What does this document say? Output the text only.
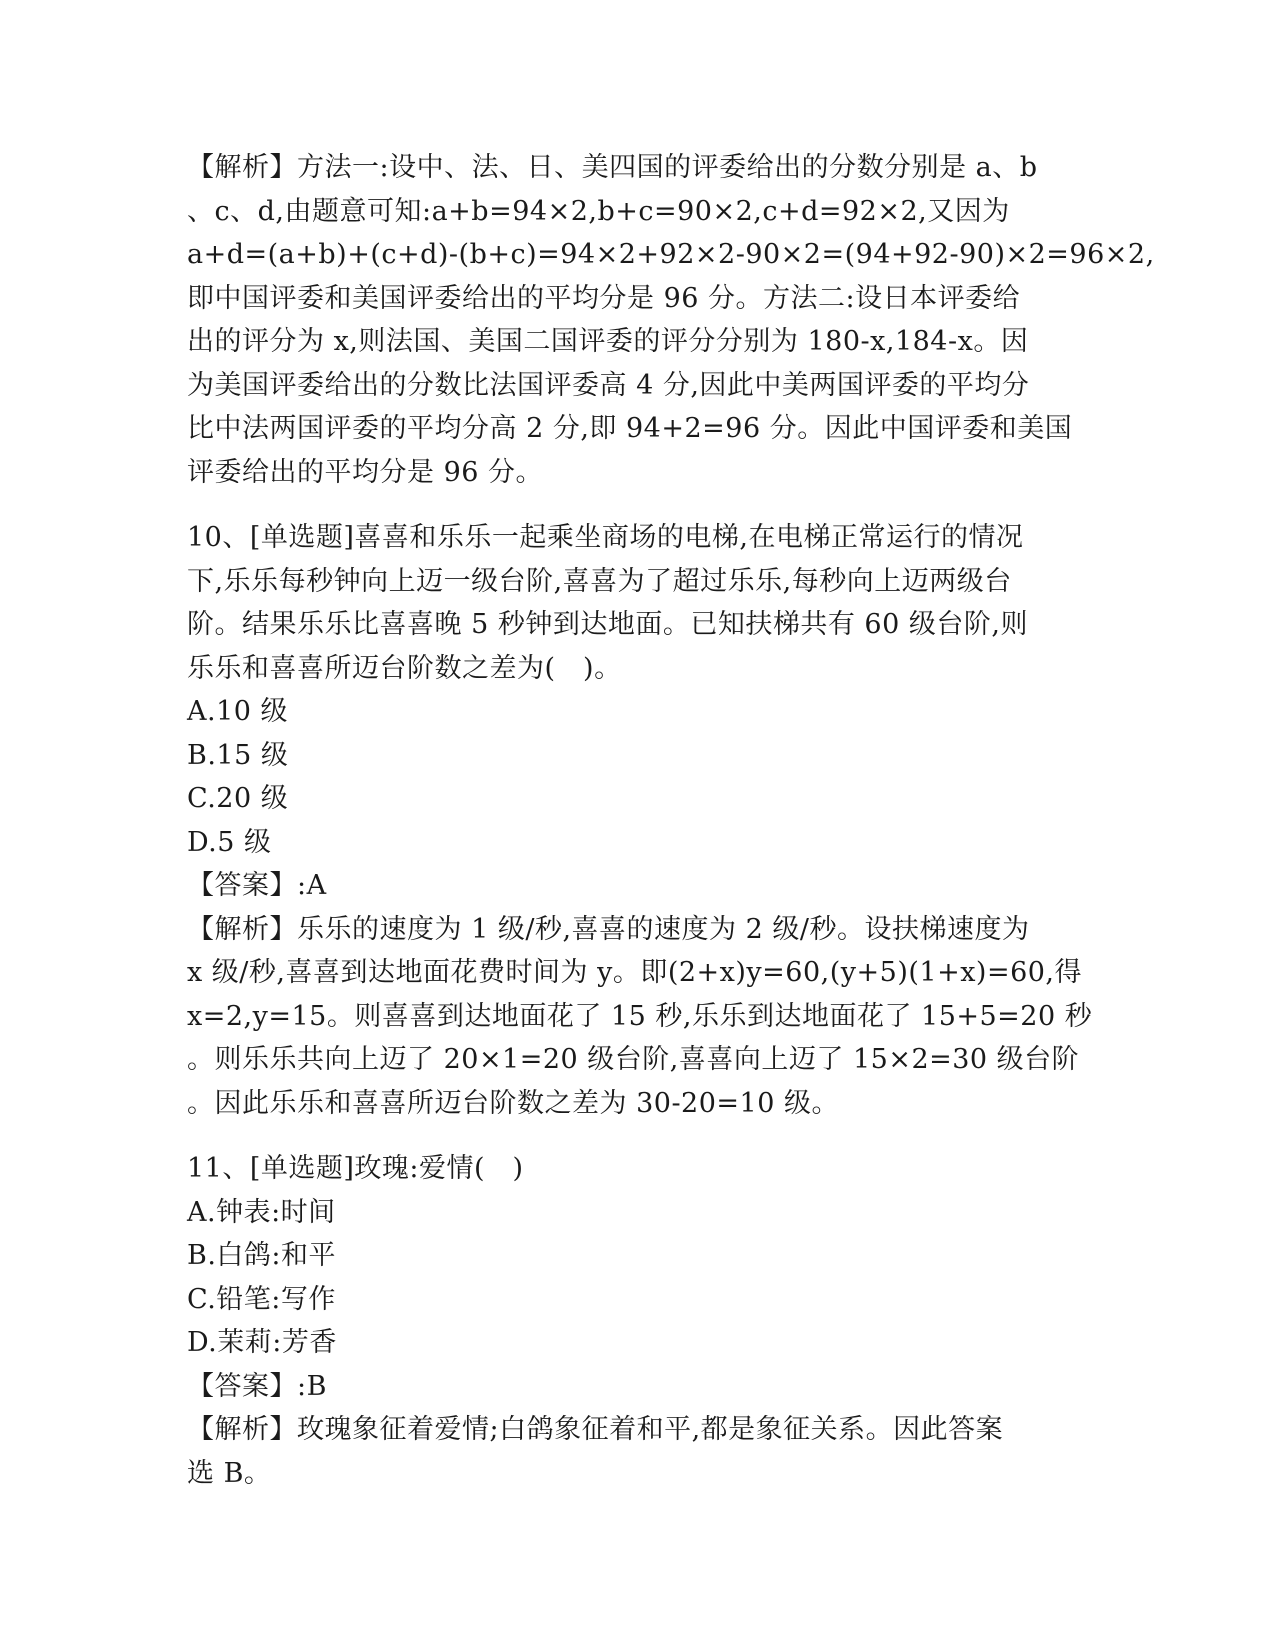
【解析】方法一:设中、法、日、美四国的评委给出的分数分别是 a、b
、c、d,由题意可知:a+b=94×2,b+c=90×2,c+d=92×2,又因为
a+d=(a+b)+(c+d)-(b+c)=94×2+92×2-90×2=(94+92-90)×2=96×2,
即中国评委和美国评委给出的平均分是 96 分。方法二:设日本评委给
出的评分为 x,则法国、美国二国评委的评分分别为 180-x,184-x。因
为美国评委给出的分数比法国评委高 4 分,因此中美两国评委的平均分
比中法两国评委的平均分高 2 分,即 94+2=96 分。因此中国评委和美国
评委给出的平均分是 96 分。
10、[单选题]喜喜和乐乐一起乘坐商场的电梯,在电梯正常运行的情况
下,乐乐每秒钟向上迈一级台阶,喜喜为了超过乐乐,每秒向上迈两级台
阶。结果乐乐比喜喜晚 5 秒钟到达地面。已知扶梯共有 60 级台阶,则
乐乐和喜喜所迈台阶数之差为(　)。
A.10 级
B.15 级
C.20 级
D.5 级
【答案】:A
【解析】乐乐的速度为 1 级/秒,喜喜的速度为 2 级/秒。设扶梯速度为
x 级/秒,喜喜到达地面花费时间为 y。即(2+x)y=60,(y+5)(1+x)=60,得
x=2,y=15。则喜喜到达地面花了 15 秒,乐乐到达地面花了 15+5=20 秒
。则乐乐共向上迈了 20×1=20 级台阶,喜喜向上迈了 15×2=30 级台阶
。因此乐乐和喜喜所迈台阶数之差为 30-20=10 级。
11、[单选题]玫瑰:爱情(　)
A.钟表:时间
B.白鸽:和平
C.铅笔:写作
D.茉莉:芳香
【答案】:B
【解析】玫瑰象征着爱情;白鸽象征着和平,都是象征关系。因此答案
选 B。
